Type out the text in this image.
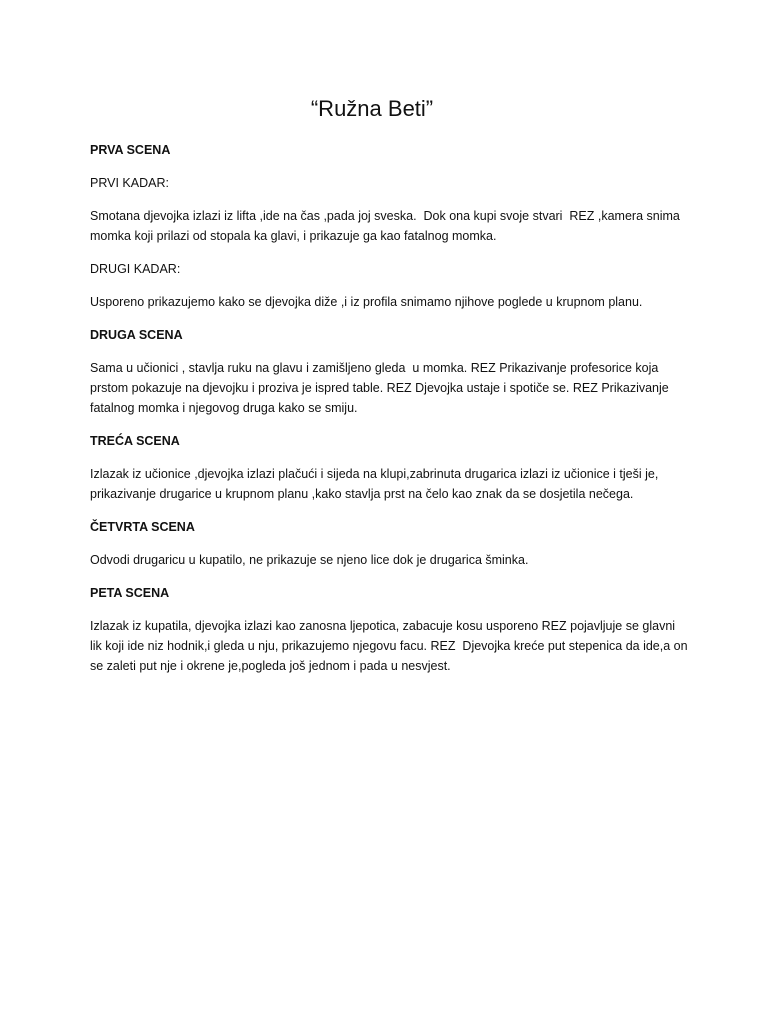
“Ružna Beti”

PRVA SCENA

PRVI KADAR:

Smotana djevojka izlazi iz lifta ,ide na čas ,pada joj sveska.  Dok ona kupi svoje stvari  REZ ,kamera snima momka koji prilazi od stopala ka glavi, i prikazuje ga kao fatalnog momka.

DRUGI KADAR:

Usporeno prikazujemo kako se djevojka diže ,i iz profila snimamo njihove poglede u krupnom planu.

DRUGA SCENA

Sama u učionici , stavlja ruku na glavu i zamišljeno gleda  u momka. REZ Prikazivanje profesorice koja prstom pokazuje na djevojku i proziva je ispred table. REZ Djevojka ustaje i spotiče se. REZ Prikazivanje fatalnog momka i njegovog druga kako se smiju.

TREĆA SCENA

Izlazak iz učionice ,djevojka izlazi plačući i sijeda na klupi,zabrinuta drugarica izlazi iz učionice i tješi je, prikazivanje drugarice u krupnom planu ,kako stavlja prst na čelo kao znak da se dosjetila nečega.

ČETVRTA SCENA

Odvodi drugaricu u kupatilo, ne prikazuje se njeno lice dok je drugarica šminka.

PETA SCENA

Izlazak iz kupatila, djevojka izlazi kao zanosna ljepotica, zabacuje kosu usporeno REZ pojavljuje se glavni lik koji ide niz hodnik,i gleda u nju, prikazujemo njegovu facu. REZ  Djevojka kreće put stepenica da ide,a on se zaleti put nje i okrene je,pogleda još jednom i pada u nesvjest.
